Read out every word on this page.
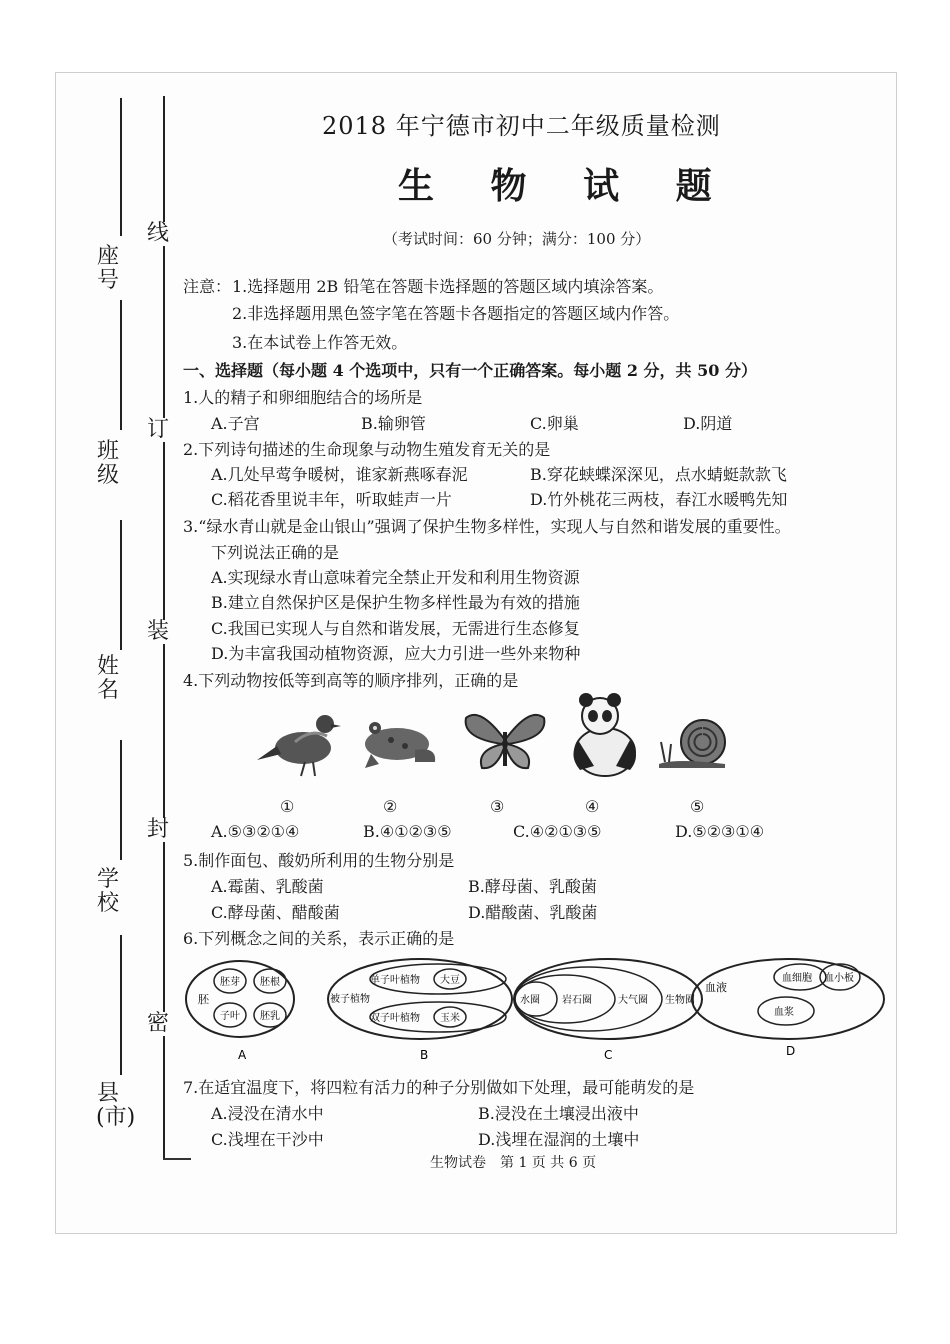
座号
班 级
姓 名
学 校
县(市)
线
订
装
封
密
2018 年宁德市初中二年级质量检测
生 物 试 题
（考试时间：60 分钟；满分：100 分）
注意： 1.选择题用 2B 铅笔在答题卡选择题的答题区域内填涂答案。
2.非选择题用黑色签字笔在答题卡各题指定的答题区域内作答。
3.在本试卷上作答无效。
一、选择题（每小题 4 个选项中，只有一个正确答案。每小题 2 分，共 50 分）
1.人的精子和卵细胞结合的场所是
A.子宫	B.输卵管	C.卵巢	D.阴道
2.下列诗句描述的生命现象与动物生殖发育无关的是
A.几处早莺争暖树，谁家新燕啄春泥	B.穿花蛱蝶深深见，点水蜻蜓款款飞
C.稻花香里说丰年，听取蛙声一片	D.竹外桃花三两枝，春江水暖鸭先知
3.“绿水青山就是金山银山”强调了保护生物多样性，实现人与自然和谐发展的重要性。
下列说法正确的是
A.实现绿水青山意味着完全禁止开发和利用生物资源
B.建立自然保护区是保护生物多样性最为有效的措施
C.我国已实现人与自然和谐发展，无需进行生态修复
D.为丰富我国动植物资源，应大力引进一些外来物种
4.下列动物按低等到高等的顺序排列，正确的是
①	②	③	④	⑤
A.⑤③②①④	B.④①②③⑤	C.④②①③⑤	D.⑤②③①④
5.制作面包、酸奶所利用的生物分别是
A.霉菌、乳酸菌	B.酵母菌、乳酸菌
C.酵母菌、醋酸菌	D.醋酸菌、乳酸菌
6.下列概念之间的关系，表示正确的是
胚
胚芽 胚根
子叶 胚乳
A
被子植物
单子叶植物 大豆
双子叶植物 玉米
B
水圈 岩石圈	大气圈 生物圈
C
血液
血细胞 血小板
血浆
D
7.在适宜温度下，将四粒有活力的种子分别做如下处理，最可能萌发的是
A.浸没在清水中	B.浸没在土壤浸出液中
C.浅埋在干沙中	D.浅埋在湿润的土壤中
生物试卷　第 1 页 共 6 页
